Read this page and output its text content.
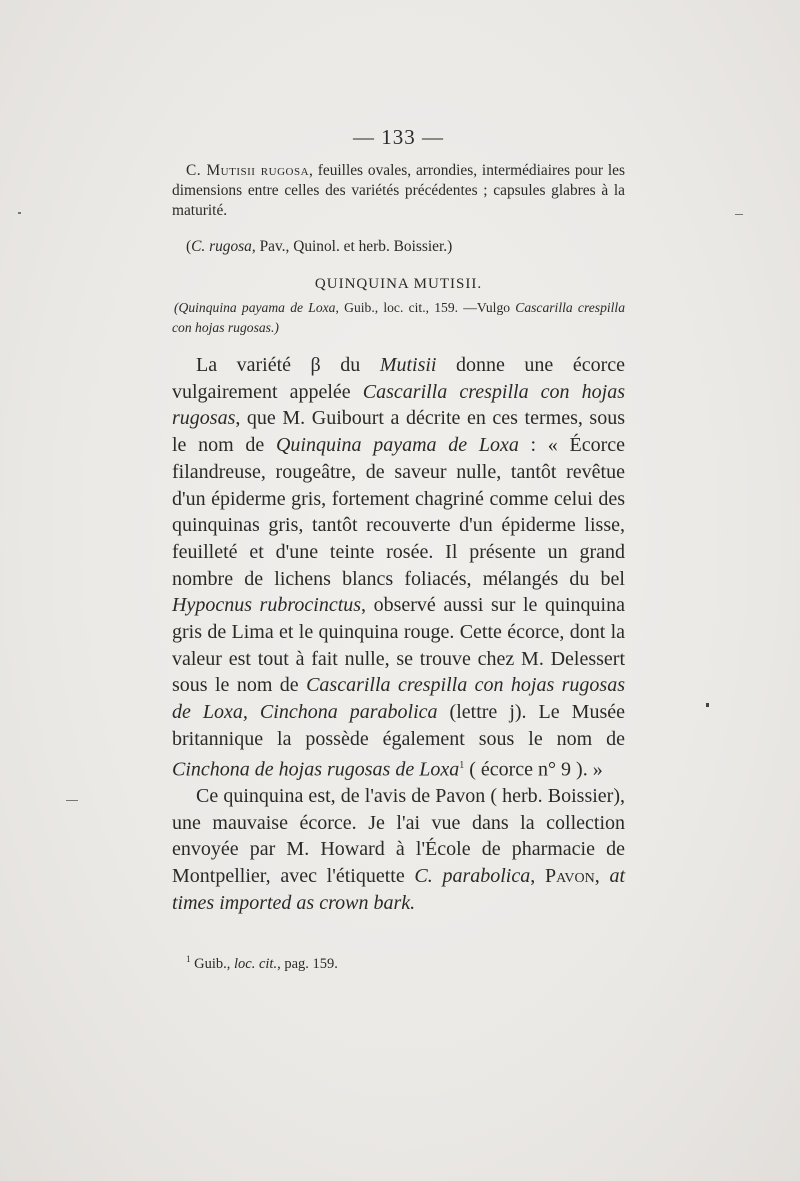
— 133 —

C. Mutisii rugosa, feuilles ovales, arrondies, intermédiaires pour les dimensions entre celles des variétés précédentes ; capsules glabres à la maturité.

(C. rugosa, Pav., Quinol. et herb. Boissier.)

QUINQUINA MUTISII.

(Quinquina payama de Loxa, Guib., loc. cit., 159. —Vulgo Cascarilla crespilla con hojas rugosas.)

La variété β du Mutisii donne une écorce vulgairement appelée Cascarilla crespilla con hojas rugosas, que M. Guibourt a décrite en ces termes, sous le nom de Quinquina payama de Loxa : « Écorce filandreuse, rougeâtre, de saveur nulle, tantôt revêtue d'un épiderme gris, fortement chagriné comme celui des quinquinas gris, tantôt recouverte d'un épiderme lisse, feuilleté et d'une teinte rosée. Il présente un grand nombre de lichens blancs foliacés, mélangés du bel Hypocnus rubrocinctus, observé aussi sur le quinquina gris de Lima et le quinquina rouge. Cette écorce, dont la valeur est tout à fait nulle, se trouve chez M. Delessert sous le nom de Cascarilla crespilla con hojas rugosas de Loxa, Cinchona parabolica (lettre j). Le Musée britannique la possède également sous le nom de Cinchona de hojas rugosas de Loxa$^1$ ( écorce n° 9 ). »

Ce quinquina est, de l'avis de Pavon ( herb. Boissier), une mauvaise écorce. Je l'ai vue dans la collection envoyée par M. Howard à l'École de pharmacie de Montpellier, avec l'étiquette C. parabolica, Pavon, at times imported as crown bark.

$^1$ Guib., loc. cit., pag. 159.
